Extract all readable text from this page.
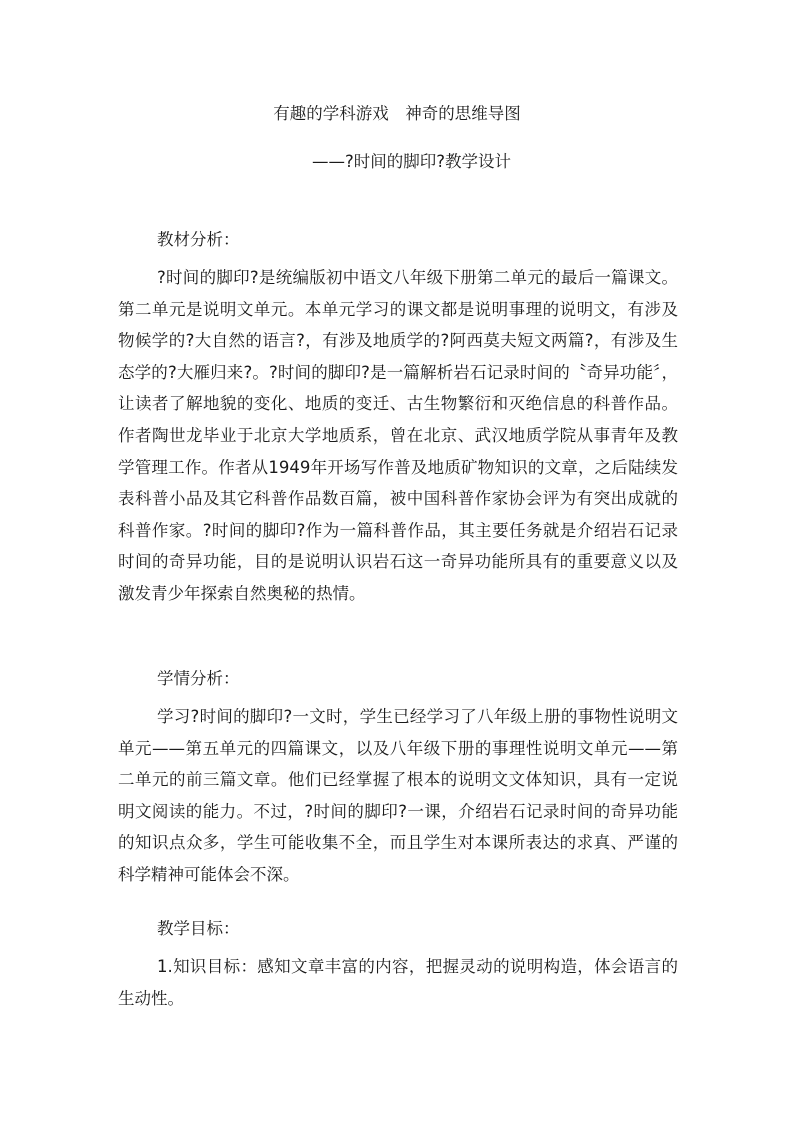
有趣的学科游戏　神奇的思维导图
——?时间的脚印?教学设计

教材分析：

?时间的脚印?是统编版初中语文八年级下册第二单元的最后一篇课文。第二单元是说明文单元。本单元学习的课文都是说明事理的说明文，有涉及物候学的?大自然的语言?，有涉及地质学的?阿西莫夫短文两篇?，有涉及生态学的?大雁归来?。?时间的脚印?是一篇解析岩石记录时间的〝奇异功能〞，让读者了解地貌的变化、地质的变迁、古生物繁衍和灭绝信息的科普作品。作者陶世龙毕业于北京大学地质系，曾在北京、武汉地质学院从事青年及教学管理工作。作者从1949年开场写作普及地质矿物知识的文章，之后陆续发表科普小品及其它科普作品数百篇，被中国科普作家协会评为有突出成就的科普作家。?时间的脚印?作为一篇科普作品，其主要任务就是介绍岩石记录时间的奇异功能，目的是说明认识岩石这一奇异功能所具有的重要意义以及激发青少年探索自然奥秘的热情。

学情分析：

学习?时间的脚印?一文时，学生已经学习了八年级上册的事物性说明文单元——第五单元的四篇课文，以及八年级下册的事理性说明文单元——第二单元的前三篇文章。他们已经掌握了根本的说明文文体知识，具有一定说明文阅读的能力。不过，?时间的脚印?一课，介绍岩石记录时间的奇异功能的知识点众多，学生可能收集不全，而且学生对本课所表达的求真、严谨的科学精神可能体会不深。

教学目标：

1.知识目标：感知文章丰富的内容，把握灵动的说明构造，体会语言的生动性。
